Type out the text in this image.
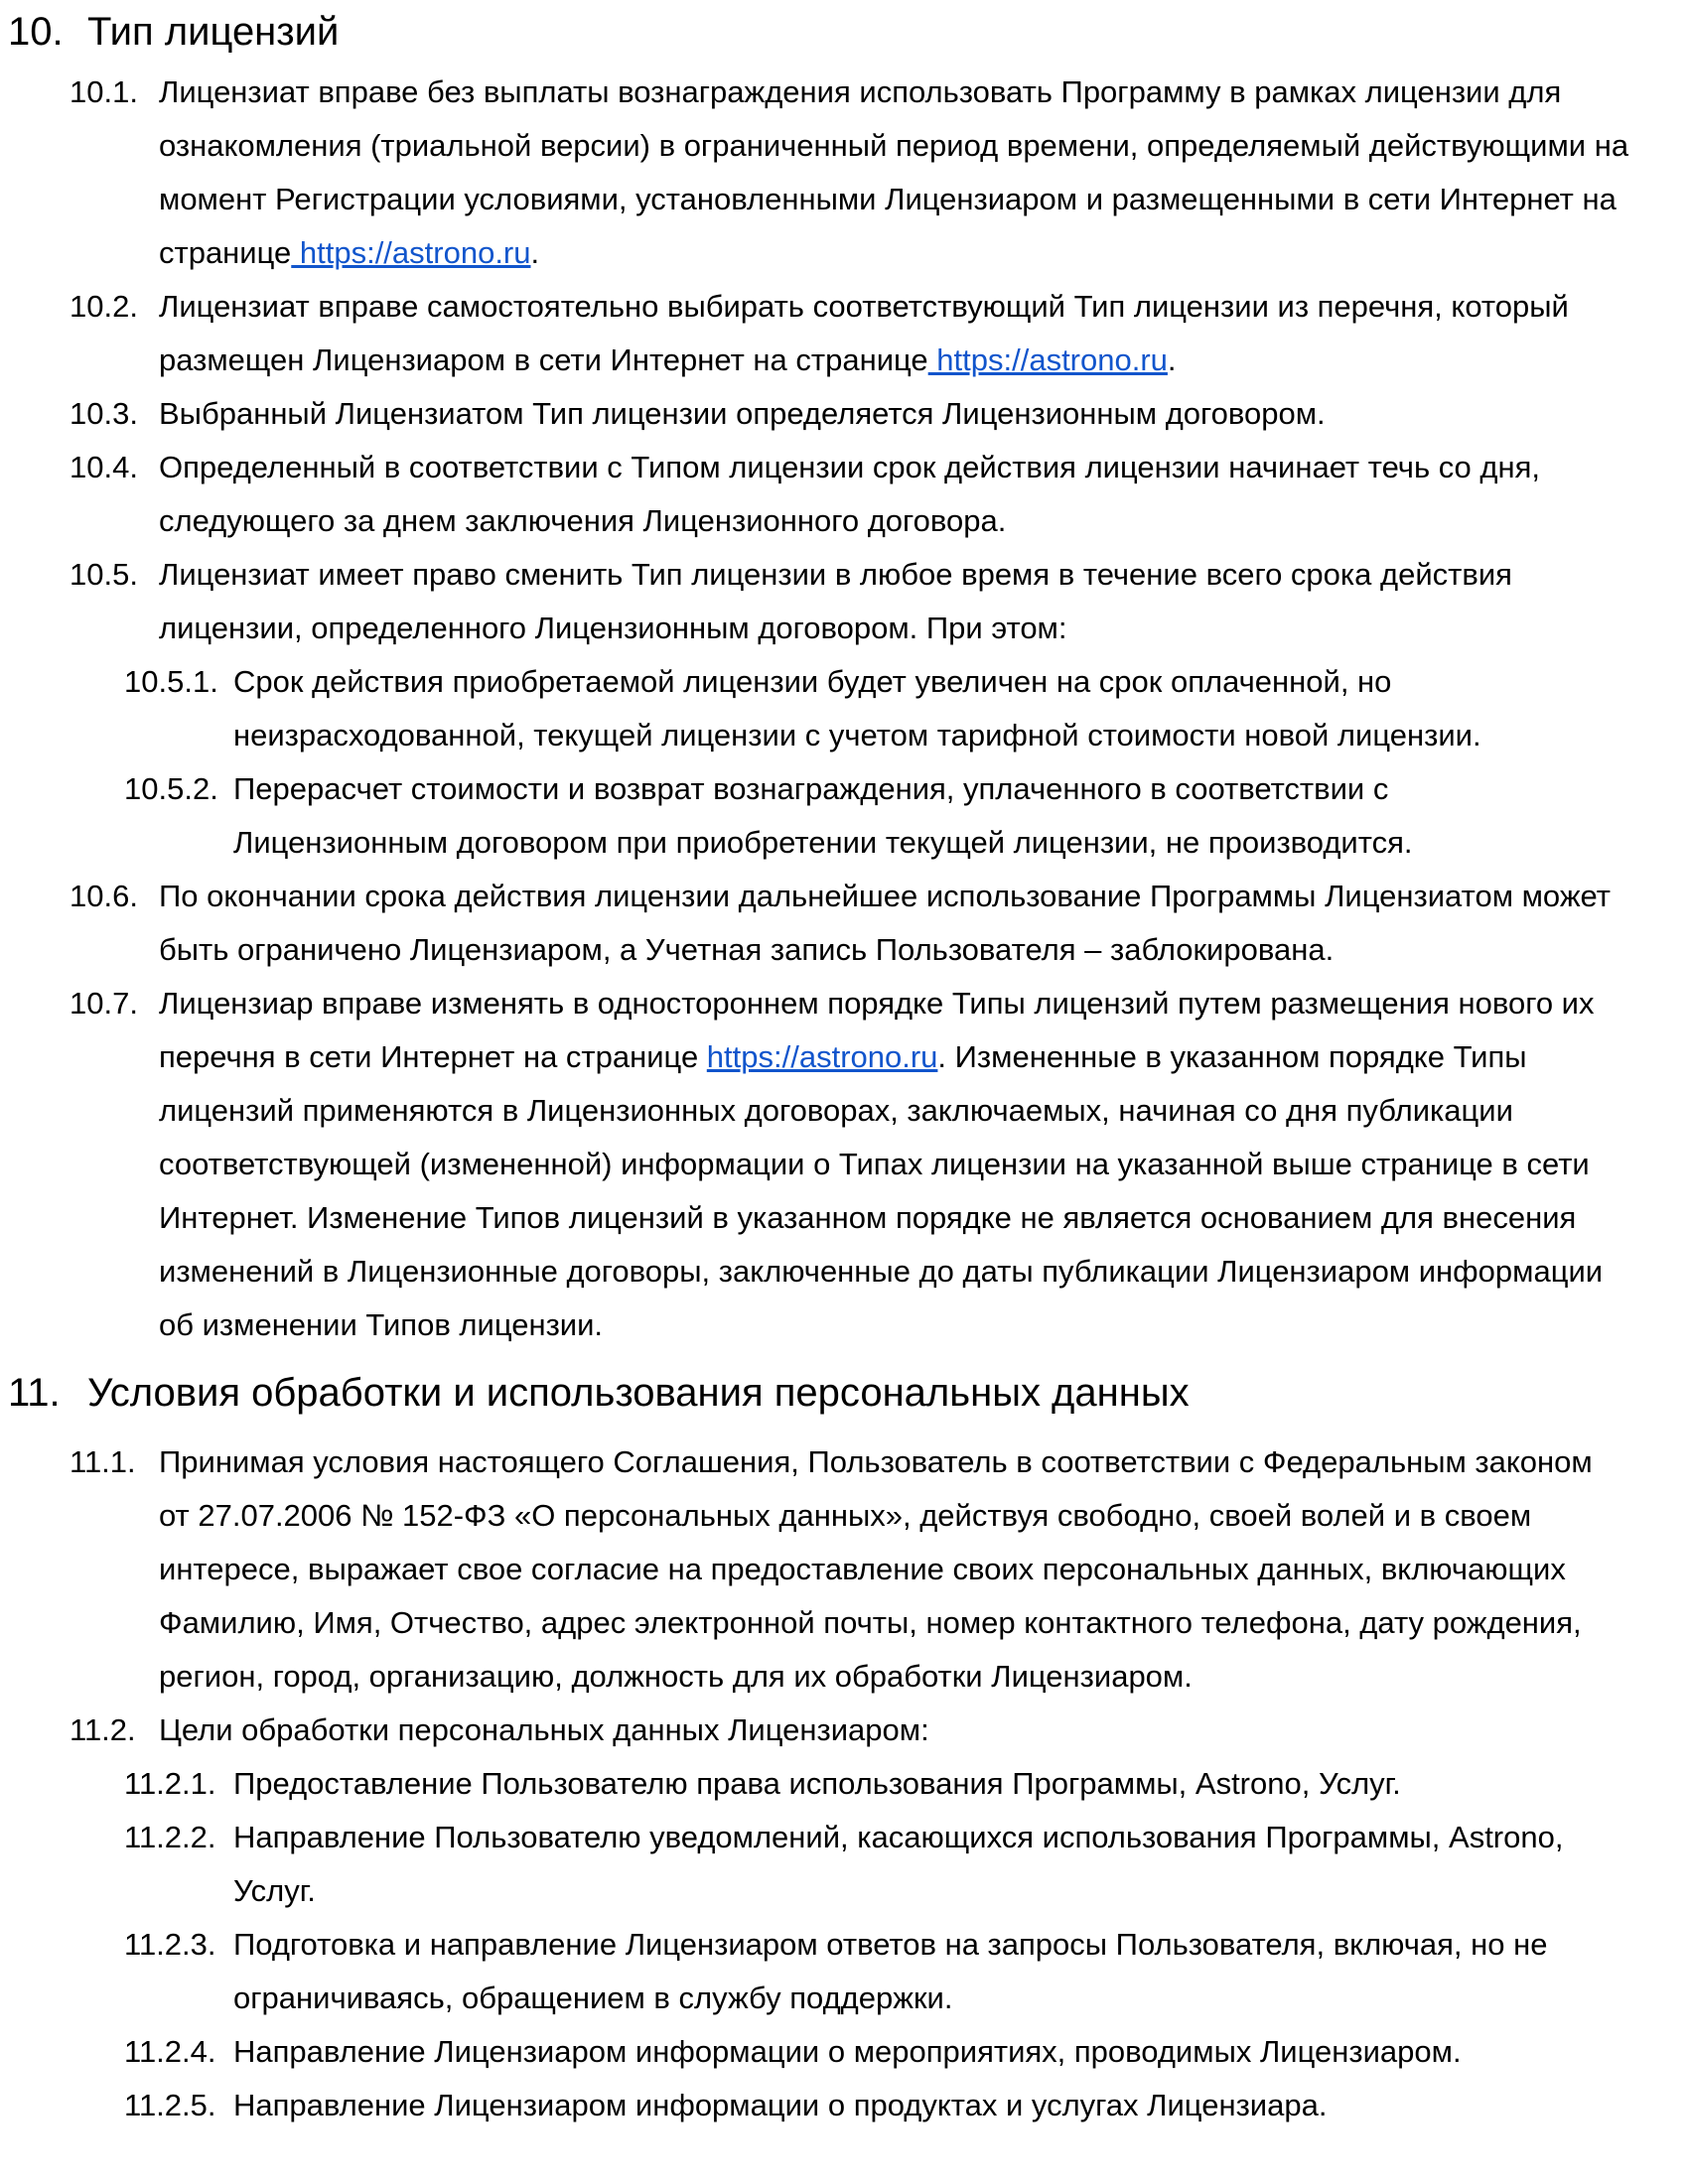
10. Тип лицензий
10.1. Лицензиат вправе без выплаты вознаграждения использовать Программу в рамках лицензии для
ознакомления (триальной версии) в ограниченный период времени, определяемый действующими на
момент Регистрации условиями, установленными Лицензиаром и размещенными в сети Интернет на
странице https://astrono.ru.
10.2. Лицензиат вправе самостоятельно выбирать соответствующий Тип лицензии из перечня, который
размещен Лицензиаром в сети Интернет на странице https://astrono.ru.
10.3. Выбранный Лицензиатом Тип лицензии определяется Лицензионным договором.
10.4. Определенный в соответствии с Типом лицензии срок действия лицензии начинает течь со дня,
следующего за днем заключения Лицензионного договора.
10.5. Лицензиат имеет право сменить Тип лицензии в любое время в течение всего срока действия
лицензии, определенного Лицензионным договором. При этом:
10.5.1. Срок действия приобретаемой лицензии будет увеличен на срок оплаченной, но
неизрасходованной, текущей лицензии с учетом тарифной стоимости новой лицензии.
10.5.2. Перерасчет стоимости и возврат вознаграждения, уплаченного в соответствии с
Лицензионным договором при приобретении текущей лицензии, не производится.
10.6. По окончании срока действия лицензии дальнейшее использование Программы Лицензиатом может
быть ограничено Лицензиаром, а Учетная запись Пользователя – заблокирована.
10.7. Лицензиар вправе изменять в одностороннем порядке Типы лицензий путем размещения нового их
перечня в сети Интернет на странице https://astrono.ru. Измененные в указанном порядке Типы
лицензий применяются в Лицензионных договорах, заключаемых, начиная со дня публикации
соответствующей (измененной) информации о Типах лицензии на указанной выше странице в сети
Интернет. Изменение Типов лицензий в указанном порядке не является основанием для внесения
изменений в Лицензионные договоры, заключенные до даты публикации Лицензиаром информации
об изменении Типов лицензии.
11. Условия обработки и использования персональных данных
11.1. Принимая условия настоящего Соглашения, Пользователь в соответствии с Федеральным законом
от 27.07.2006 № 152-ФЗ «О персональных данных», действуя свободно, своей волей и в своем
интересе, выражает свое согласие на предоставление своих персональных данных, включающих
Фамилию, Имя, Отчество, адрес электронной почты, номер контактного телефона, дату рождения,
регион, город, организацию, должность для их обработки Лицензиаром.
11.2. Цели обработки персональных данных Лицензиаром:
11.2.1. Предоставление Пользователю права использования Программы, Astrono, Услуг.
11.2.2. Направление Пользователю уведомлений, касающихся использования Программы, Astrono,
Услуг.
11.2.3. Подготовка и направление Лицензиаром ответов на запросы Пользователя, включая, но не
ограничиваясь, обращением в службу поддержки.
11.2.4. Направление Лицензиаром информации о мероприятиях, проводимых Лицензиаром.
11.2.5. Направление Лицензиаром информации о продуктах и услугах Лицензиара.
